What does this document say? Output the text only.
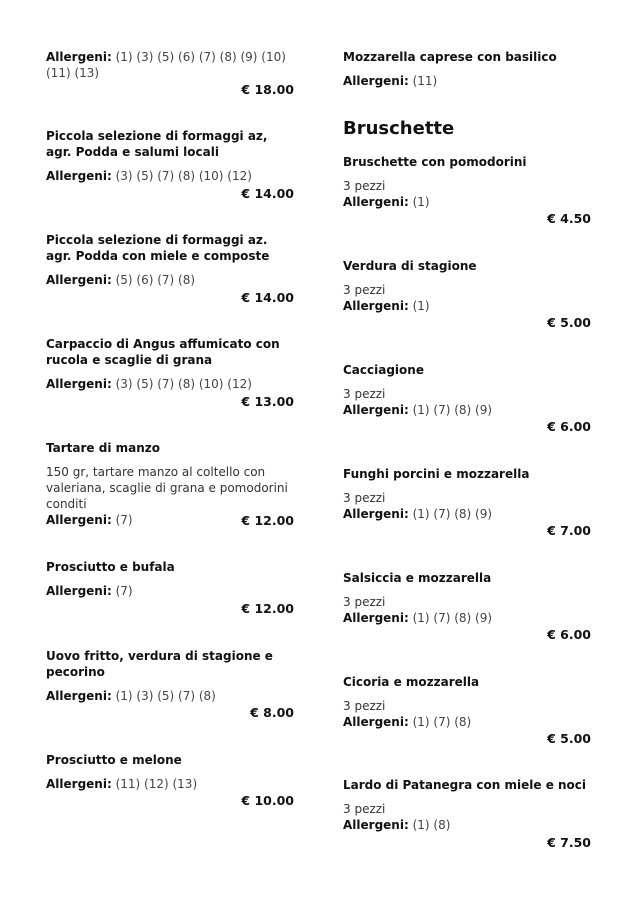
Allergeni: (1) (3) (5) (6) (7) (8) (9) (10) (11) (13)
€ 18.00
Piccola selezione di formaggi az, agr. Podda e salumi locali
Allergeni: (3) (5) (7) (8) (10) (12)
€ 14.00
Piccola selezione di formaggi az. agr. Podda con miele e composte
Allergeni: (5) (6) (7) (8)
€ 14.00
Carpaccio di Angus affumicato con rucola e scaglie di grana
Allergeni: (3) (5) (7) (8) (10) (12)
€ 13.00
Tartare di manzo
150 gr, tartare manzo al coltello con valeriana, scaglie di grana e pomodorini conditi
Allergeni: (7)	€ 12.00
Prosciutto e bufala
Allergeni: (7)
€ 12.00
Uovo fritto, verdura di stagione e pecorino
Allergeni: (1) (3) (5) (7) (8)
€ 8.00
Prosciutto e melone
Allergeni: (11) (12) (13)
€ 10.00
Mozzarella caprese con basilico
Allergeni: (11)
Bruschette
Bruschette con pomodorini
3 pezzi
Allergeni: (1)
€ 4.50
Verdura di stagione
3 pezzi
Allergeni: (1)
€ 5.00
Cacciagione
3 pezzi
Allergeni: (1) (7) (8) (9)
€ 6.00
Funghi porcini e mozzarella
3 pezzi
Allergeni: (1) (7) (8) (9)
€ 7.00
Salsiccia e mozzarella
3 pezzi
Allergeni: (1) (7) (8) (9)
€ 6.00
Cicoria e mozzarella
3 pezzi
Allergeni: (1) (7) (8)
€ 5.00
Lardo di Patanegra con miele e noci
3 pezzi
Allergeni: (1) (8)
€ 7.50
